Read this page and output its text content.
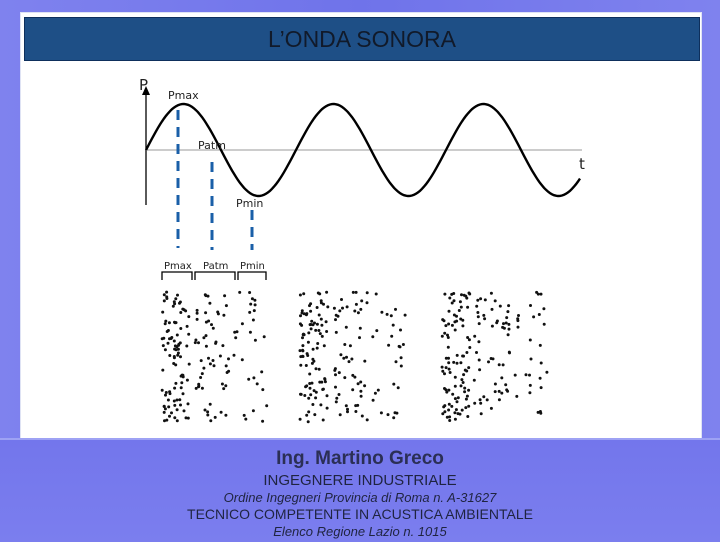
L’ONDA SONORA
P
t
Pmax
Patm
Pmin
Pmax Patm Pmin
Ing. Martino Greco
INGEGNERE INDUSTRIALE
Ordine Ingegneri Provincia di Roma n. A-31627
TECNICO COMPETENTE IN ACUSTICA AMBIENTALE
Elenco Regione Lazio n. 1015
